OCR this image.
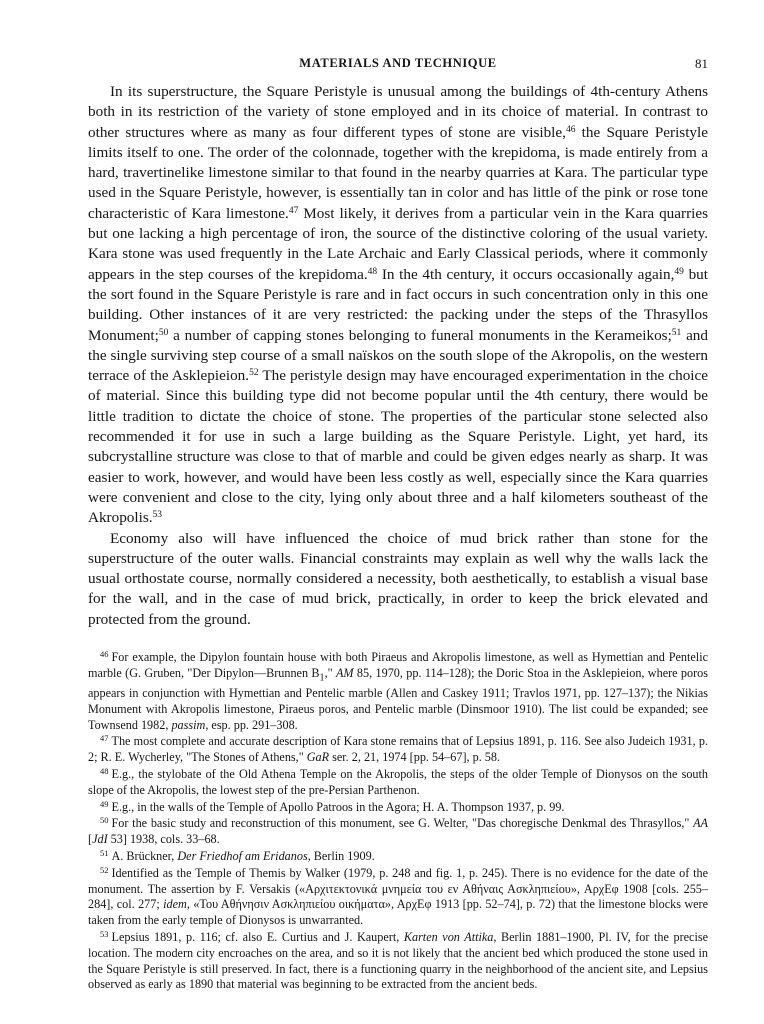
MATERIALS AND TECHNIQUE	81

In its superstructure, the Square Peristyle is unusual among the buildings of 4th-century Athens both in its restriction of the variety of stone employed and in its choice of material. In contrast to other structures where as many as four different types of stone are visible,$^{46}$ the Square Peristyle limits itself to one. The order of the colonnade, together with the krepidoma, is made entirely from a hard, travertinelike limestone similar to that found in the nearby quarries at Kara. The particular type used in the Square Peristyle, however, is essentially tan in color and has little of the pink or rose tone characteristic of Kara limestone.$^{47}$ Most likely, it derives from a particular vein in the Kara quarries but one lacking a high percentage of iron, the source of the distinctive coloring of the usual variety. Kara stone was used frequently in the Late Archaic and Early Classical periods, where it commonly appears in the step courses of the krepidoma.$^{48}$ In the 4th century, it occurs occasionally again,$^{49}$ but the sort found in the Square Peristyle is rare and in fact occurs in such concentration only in this one building. Other instances of it are very restricted: the packing under the steps of the Thrasyllos Monument;$^{50}$ a number of capping stones belonging to funeral monuments in the Kerameikos;$^{51}$ and the single surviving step course of a small naïskos on the south slope of the Akropolis, on the western terrace of the Asklepieion.$^{52}$ The peristyle design may have encouraged experimentation in the choice of material. Since this building type did not become popular until the 4th century, there would be little tradition to dictate the choice of stone. The properties of the particular stone selected also recommended it for use in such a large building as the Square Peristyle. Light, yet hard, its subcrystalline structure was close to that of marble and could be given edges nearly as sharp. It was easier to work, however, and would have been less costly as well, especially since the Kara quarries were convenient and close to the city, lying only about three and a half kilometers southeast of the Akropolis.$^{53}$

Economy also will have influenced the choice of mud brick rather than stone for the superstructure of the outer walls. Financial constraints may explain as well why the walls lack the usual orthostate course, normally considered a necessity, both aesthetically, to establish a visual base for the wall, and in the case of mud brick, practically, in order to keep the brick elevated and protected from the ground.

$^{46}$ For example, the Dipylon fountain house with both Piraeus and Akropolis limestone, as well as Hymettian and Pentelic marble (G. Gruben, "Der Dipylon—Brunnen $B_1$," AM 85, 1970, pp. 114–128); the Doric Stoa in the Asklepieion, where poros appears in conjunction with Hymettian and Pentelic marble (Allen and Caskey 1911; Travlos 1971, pp. 127–137); the Nikias Monument with Akropolis limestone, Piraeus poros, and Pentelic marble (Dinsmoor 1910). The list could be expanded; see Townsend 1982, passim, esp. pp. 291–308.

$^{47}$ The most complete and accurate description of Kara stone remains that of Lepsius 1891, p. 116. See also Judeich 1931, p. 2; R. E. Wycherley, "The Stones of Athens," GaR ser. 2, 21, 1974 [pp. 54–67], p. 58.

$^{48}$ E.g., the stylobate of the Old Athena Temple on the Akropolis, the steps of the older Temple of Dionysos on the south slope of the Akropolis, the lowest step of the pre-Persian Parthenon.

$^{49}$ E.g., in the walls of the Temple of Apollo Patroos in the Agora; H. A. Thompson 1937, p. 99.

$^{50}$ For the basic study and reconstruction of this monument, see G. Welter, "Das choregische Denkmal des Thrasyllos," AA [JdI 53] 1938, cols. 33–68.

$^{51}$ A. Brückner, Der Friedhof am Eridanos, Berlin 1909.

$^{52}$ Identified as the Temple of Themis by Walker (1979, p. 248 and fig. 1, p. 245). There is no evidence for the date of the monument. The assertion by F. Versakis («Αρχιτεκτονικά μνημεία του εν Αθήναις Ασκληπιείου», ΑρχΕφ 1908 [cols. 255–284], col. 277; idem, «Του Αθήνησιν Ασκληπιείου οικήματα», ΑρχΕφ 1913 [pp. 52–74], p. 72) that the limestone blocks were taken from the early temple of Dionysos is unwarranted.

$^{53}$ Lepsius 1891, p. 116; cf. also E. Curtius and J. Kaupert, Karten von Attika, Berlin 1881–1900, Pl. IV, for the precise location. The modern city encroaches on the area, and so it is not likely that the ancient bed which produced the stone used in the Square Peristyle is still preserved. In fact, there is a functioning quarry in the neighborhood of the ancient site, and Lepsius observed as early as 1890 that material was beginning to be extracted from the ancient beds.
